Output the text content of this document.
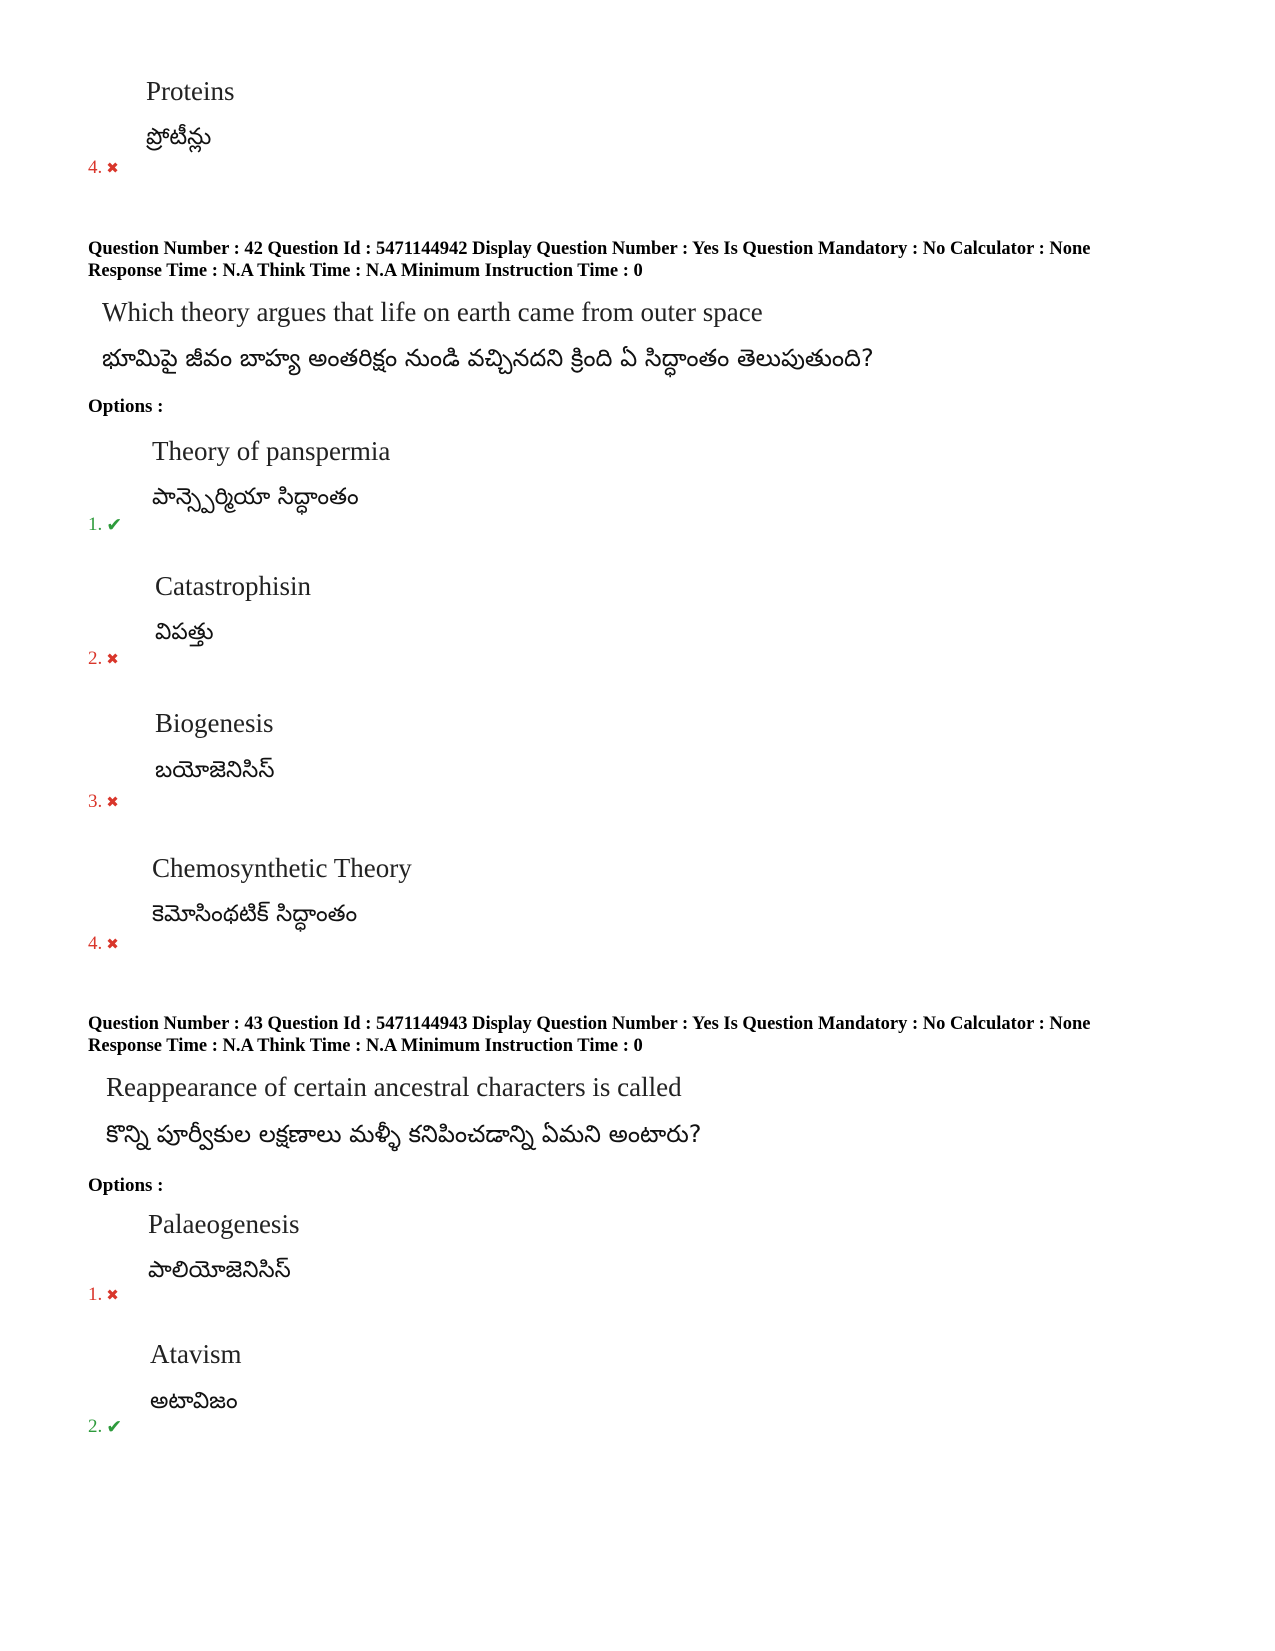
Proteins
ప్రోటీన్లు
4. ✖
Question Number : 42 Question Id : 5471144942 Display Question Number : Yes Is Question Mandatory : No Calculator : None
Response Time : N.A Think Time : N.A Minimum Instruction Time : 0
Which theory argues that life on earth came from outer space
భూమిపై జీవం బాహ్య అంతరిక్షం నుండి వచ్చినదని క్రింది ఏ సిద్ధాంతం తెలుపుతుంది?
Options :
Theory of panspermia
పాన్స్పెర్మియా సిద్ధాంతం
1. ✔
Catastrophisin
విపత్తు
2. ✖
Biogenesis
బయోజెనిసిస్
3. ✖
Chemosynthetic Theory
కెమోసింథటిక్ సిద్ధాంతం
4. ✖
Question Number : 43 Question Id : 5471144943 Display Question Number : Yes Is Question Mandatory : No Calculator : None
Response Time : N.A Think Time : N.A Minimum Instruction Time : 0
Reappearance of certain ancestral characters is called
కొన్ని పూర్వీకుల లక్షణాలు మళ్ళీ కనిపించడాన్ని ఏమని అంటారు?
Options :
Palaeogenesis
పాలియోజెనిసిస్
1. ✖
Atavism
అటావిజం
2. ✔
